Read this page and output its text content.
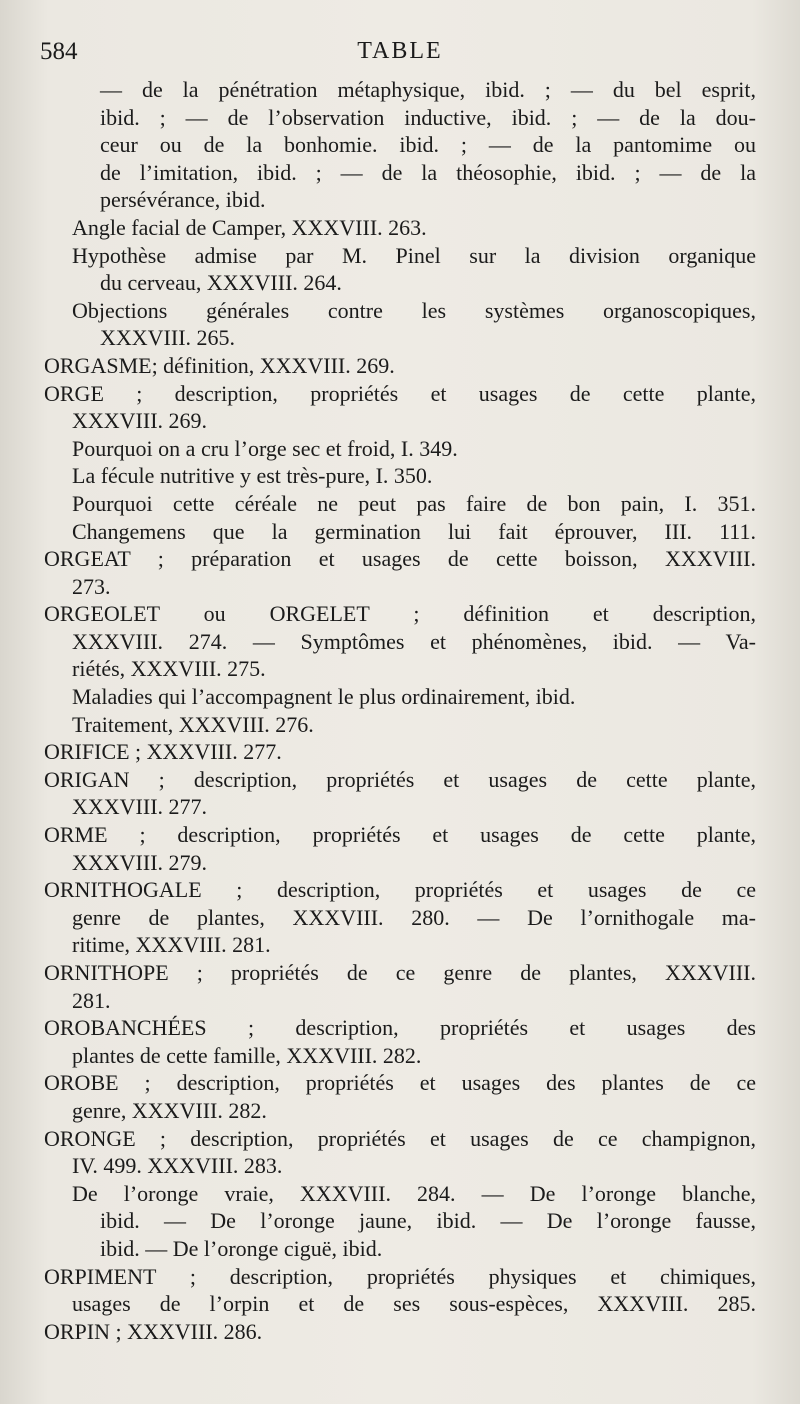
584	TABLE
— de la pénétration métaphysique, ibid. ; — du bel esprit,
ibid. ; — de l’observation inductive, ibid. ; — de la dou-
ceur ou de la bonhomie. ibid. ; — de la pantomime ou
de l’imitation, ibid. ; — de la théosophie, ibid. ; — de la
persévérance, ibid.
Angle facial de Camper, XXXVIII. 263.
Hypothèse admise par M. Pinel sur la division organique
du cerveau, XXXVIII. 264.
Objections générales contre les systèmes organoscopiques,
XXXVIII. 265.
ORGASME; définition, XXXVIII. 269.
ORGE ; description, propriétés et usages de cette plante,
XXXVIII. 269.
Pourquoi on a cru l’orge sec et froid, I. 349.
La fécule nutritive y est très-pure, I. 350.
Pourquoi cette céréale ne peut pas faire de bon pain, I. 351.
Changemens que la germination lui fait éprouver, III. 111.
ORGEAT ; préparation et usages de cette boisson, XXXVIII.
273.
ORGEOLET ou ORGELET ; définition et description,
XXXVIII. 274. — Symptômes et phénomènes, ibid. — Va-
riétés, XXXVIII. 275.
Maladies qui l’accompagnent le plus ordinairement, ibid.
Traitement, XXXVIII. 276.
ORIFICE ; XXXVIII. 277.
ORIGAN ; description, propriétés et usages de cette plante,
XXXVIII. 277.
ORME ; description, propriétés et usages de cette plante,
XXXVIII. 279.
ORNITHOGALE ; description, propriétés et usages de ce
genre de plantes, XXXVIII. 280. — De l’ornithogale ma-
ritime, XXXVIII. 281.
ORNITHOPE ; propriétés de ce genre de plantes, XXXVIII.
281.
OROBANCHÉES ; description, propriétés et usages des
plantes de cette famille, XXXVIII. 282.
OROBE ; description, propriétés et usages des plantes de ce
genre, XXXVIII. 282.
ORONGE ; description, propriétés et usages de ce champignon,
IV. 499. XXXVIII. 283.
De l’oronge vraie, XXXVIII. 284. — De l’oronge blanche,
ibid. — De l’oronge jaune, ibid. — De l’oronge fausse,
ibid. — De l’oronge ciguë, ibid.
ORPIMENT ; description, propriétés physiques et chimiques,
usages de l’orpin et de ses sous-espèces, XXXVIII. 285.
ORPIN ; XXXVIII. 286.
